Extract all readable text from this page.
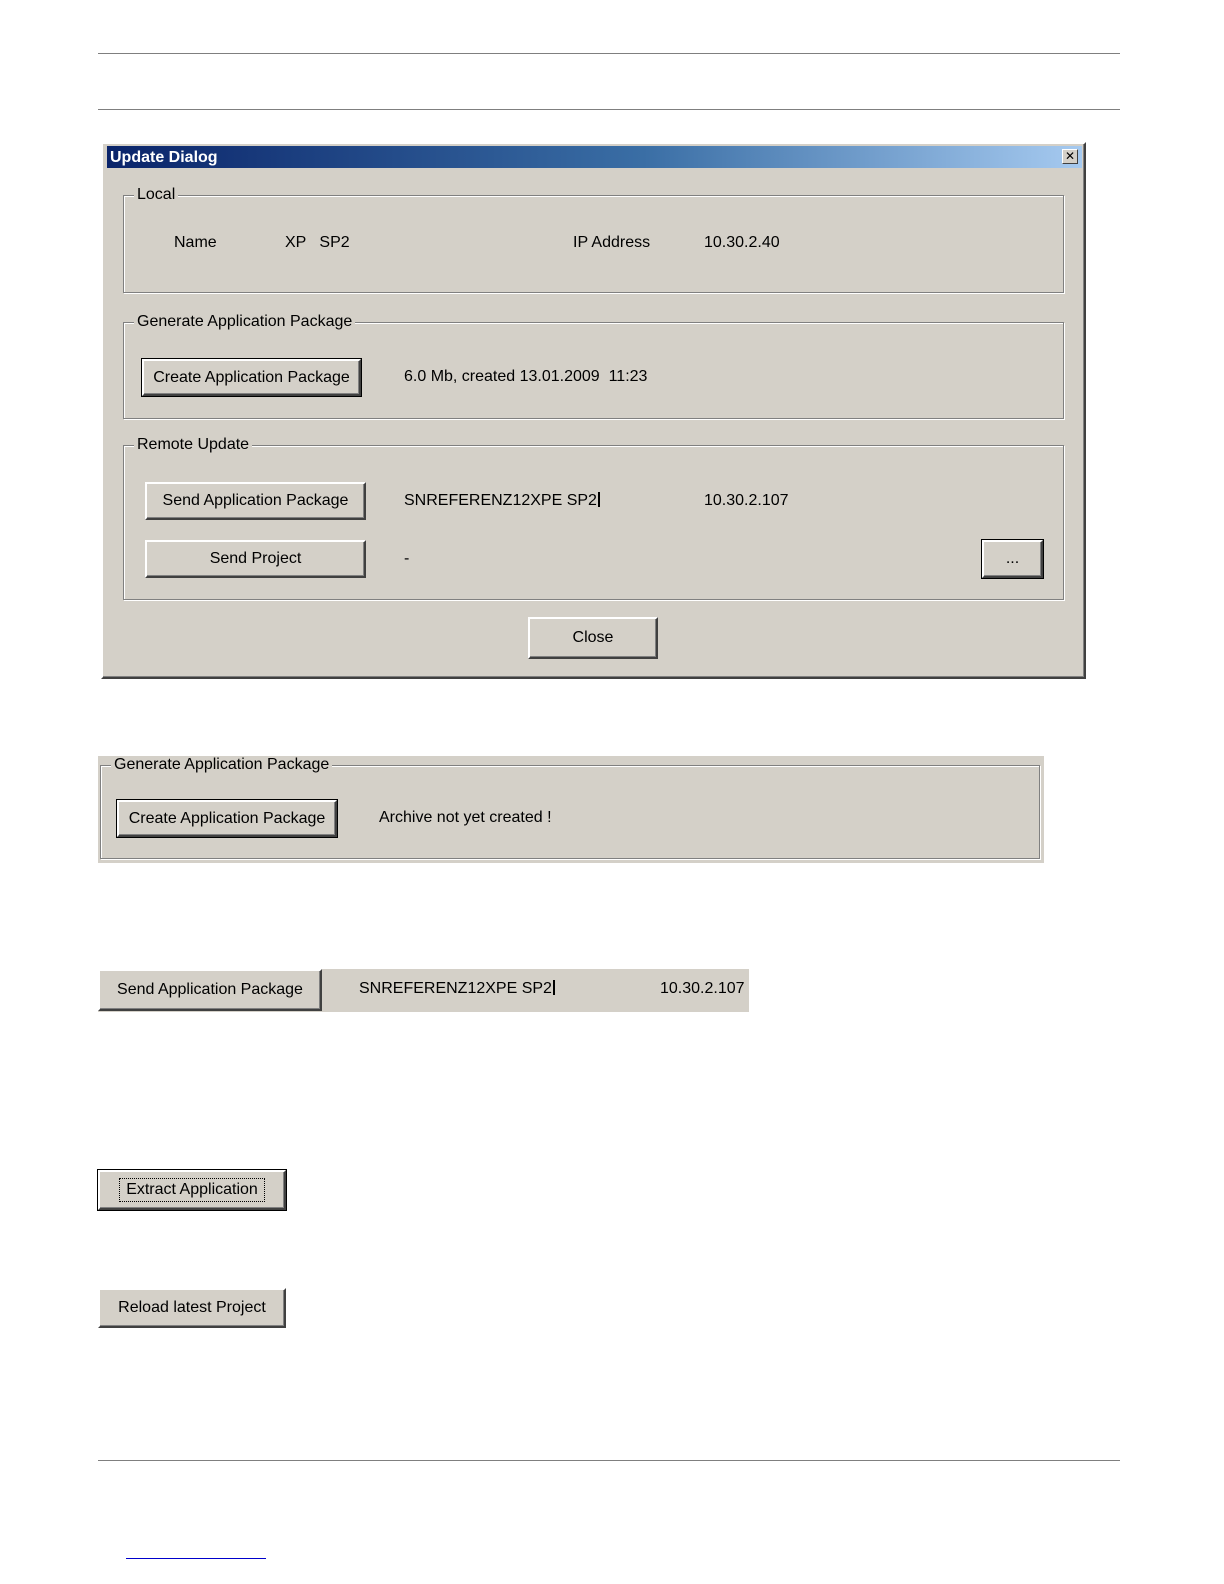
Update Dialog	✕
Local
Name	XP   SP2	IP Address	10.30.2.40
Generate Application Package
Create Application Package	6.0 Mb, created 13.01.2009  11:23
Remote Update
Send Application Package	SNREFERENZ12XPE SP2	10.30.2.107
Send Project	-	...
Close
Generate Application Package
Create Application Package	Archive not yet created !
Send Application Package	SNREFERENZ12XPE SP2	10.30.2.107
Extract Application
Reload latest Project
